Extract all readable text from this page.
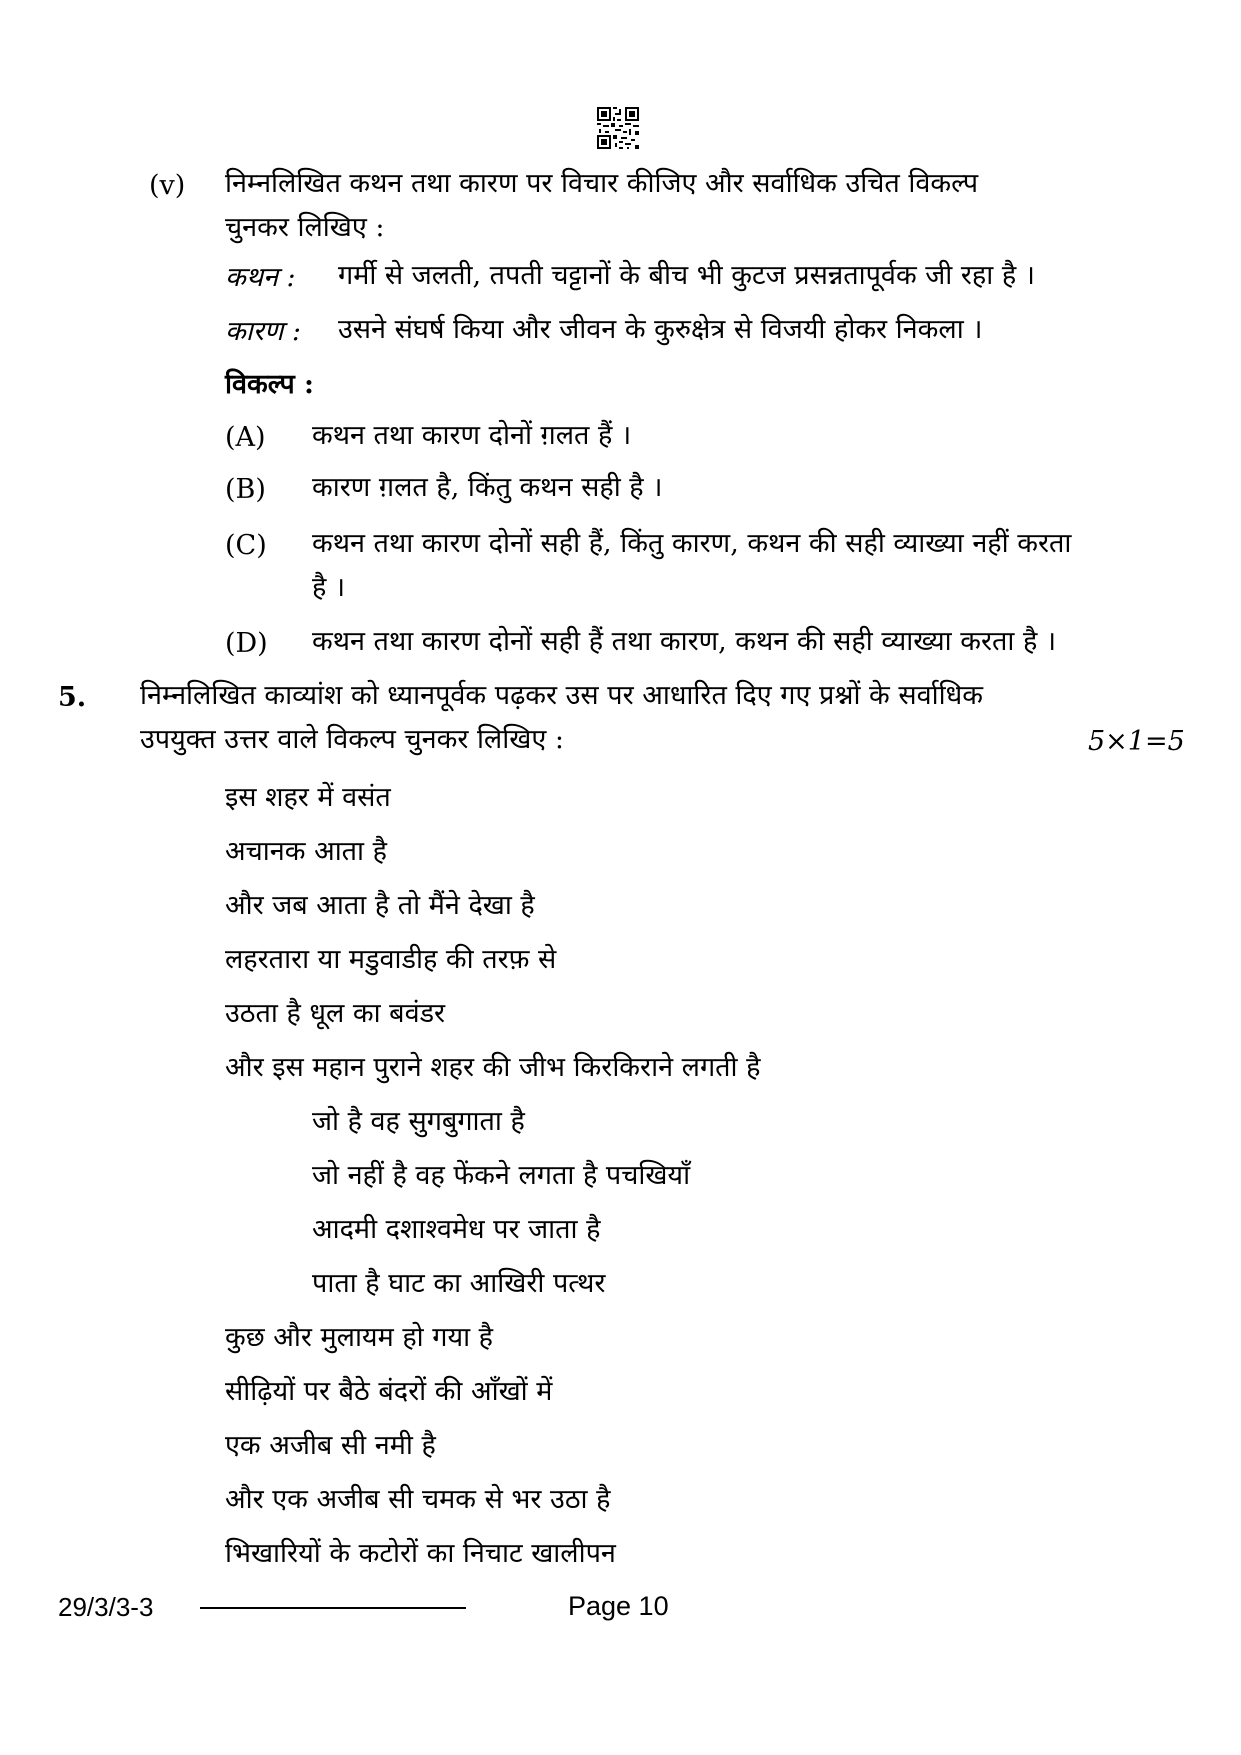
(v) निम्नलिखित कथन तथा कारण पर विचार कीजिए और सर्वाधिक उचित विकल्प
चुनकर लिखिए :
कथन : गर्मी से जलती, तपती चट्टानों के बीच भी कुटज प्रसन्नतापूर्वक जी रहा है ।
कारण : उसने संघर्ष किया और जीवन के कुरुक्षेत्र से विजयी होकर निकला ।
विकल्प :
(A) कथन तथा कारण दोनों ग़लत हैं ।
(B) कारण ग़लत है, किंतु कथन सही है ।
(C) कथन तथा कारण दोनों सही हैं, किंतु कारण, कथन की सही व्याख्या नहीं करता
है ।
(D) कथन तथा कारण दोनों सही हैं तथा कारण, कथन की सही व्याख्या करता है ।
5. निम्नलिखित काव्यांश को ध्यानपूर्वक पढ़कर उस पर आधारित दिए गए प्रश्नों के सर्वाधिक
उपयुक्त उत्तर वाले विकल्प चुनकर लिखिए :	5×1=5
इस शहर में वसंत
अचानक आता है
और जब आता है तो मैंने देखा है
लहरतारा या मडुवाडीह की तरफ़ से
उठता है धूल का बवंडर
और इस महान पुराने शहर की जीभ किरकिराने लगती है
जो है वह सुगबुगाता है
जो नहीं है वह फेंकने लगता है पचखियाँ
आदमी दशाश्वमेध पर जाता है
पाता है घाट का आखिरी पत्थर
कुछ और मुलायम हो गया है
सीढ़ियों पर बैठे बंदरों की आँखों में
एक अजीब सी नमी है
और एक अजीब सी चमक से भर उठा है
भिखारियों के कटोरों का निचाट खालीपन
29/3/3-3	Page 10
